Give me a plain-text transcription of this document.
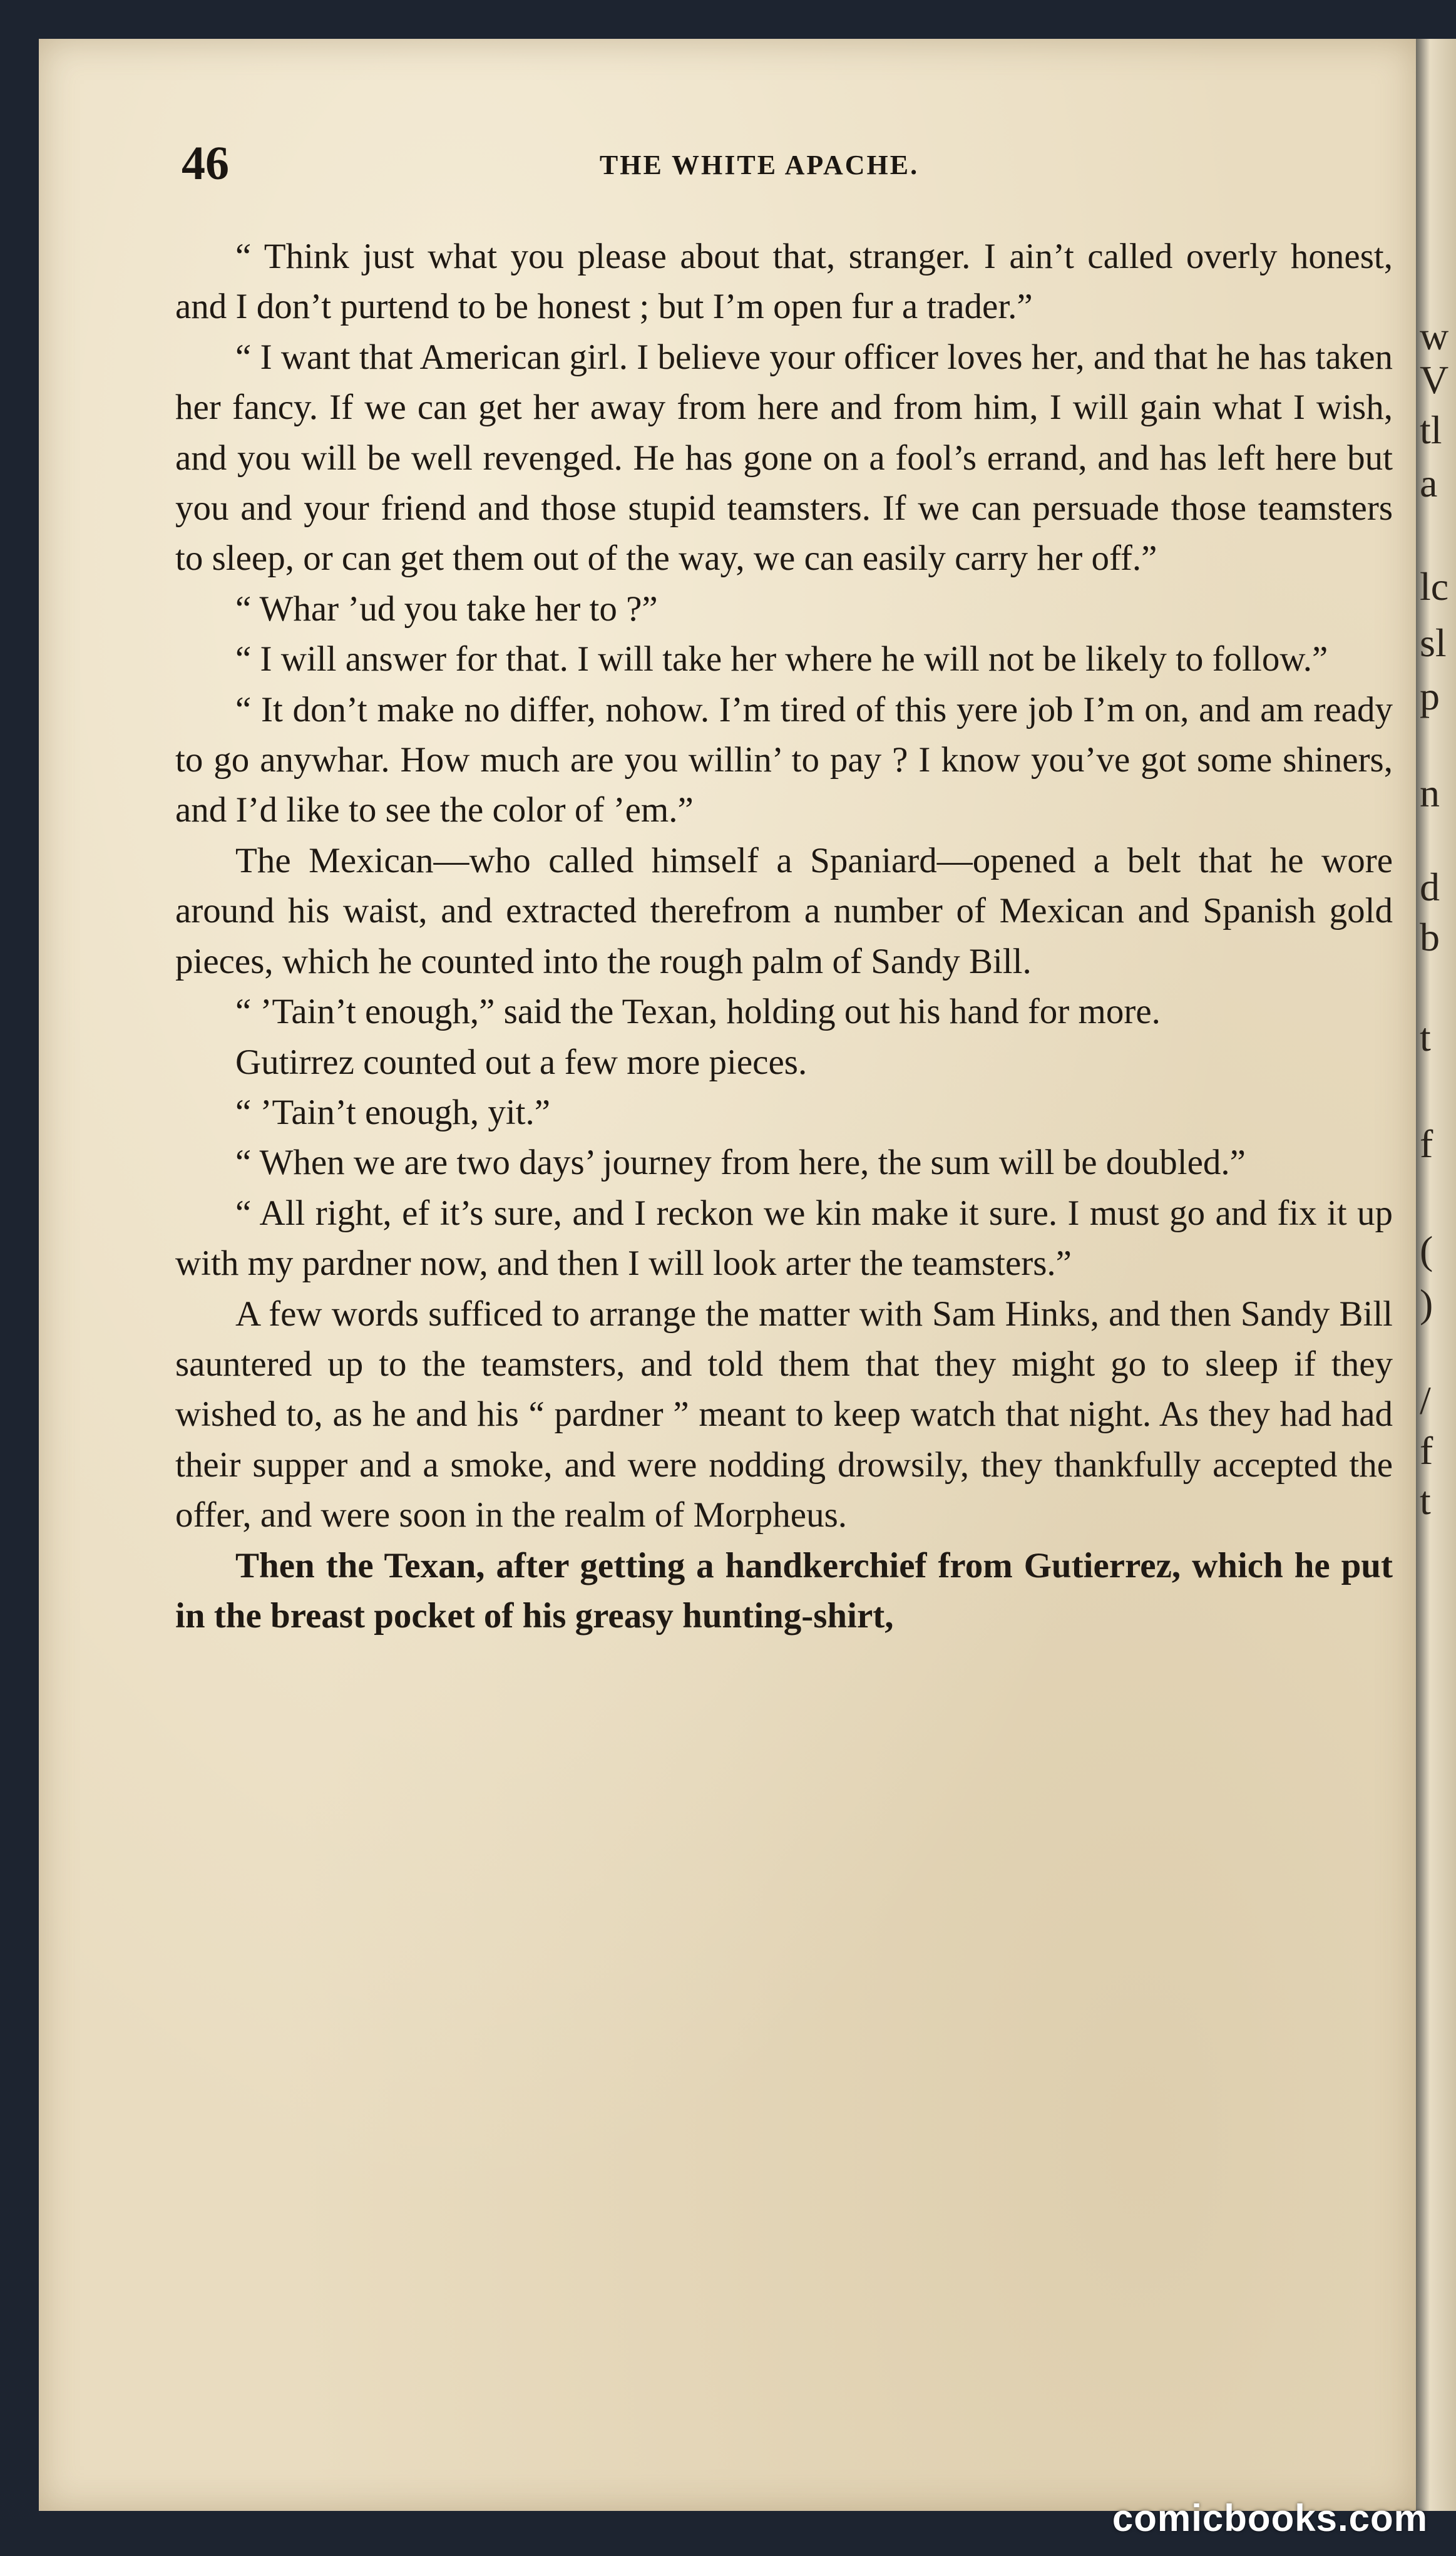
w
V
tl
a
lc
sl
p
n
d
b
t
f
(
)
/
f
t
46	THE WHITE APACHE.

“ Think just what you please about that, stranger. I ain’t called overly honest, and I don’t purtend to be honest ; but I’m open fur a trader.”

“ I want that American girl. I believe your officer loves her, and that he has taken her fancy. If we can get her away from here and from him, I will gain what I wish, and you will be well revenged. He has gone on a fool’s errand, and has left here but you and your friend and those stupid teamsters. If we can persuade those teamsters to sleep, or can get them out of the way, we can easily carry her off.”

“ Whar ’ud you take her to ?”

“ I will answer for that. I will take her where he will not be likely to follow.”

“ It don’t make no differ, nohow. I’m tired of this yere job I’m on, and am ready to go anywhar. How much are you willin’ to pay ? I know you’ve got some shiners, and I’d like to see the color of ’em.”

The Mexican—who called himself a Spaniard—opened a belt that he wore around his waist, and extracted therefrom a number of Mexican and Spanish gold pieces, which he counted into the rough palm of Sandy Bill.

“ ’Tain’t enough,” said the Texan, holding out his hand for more.

Gutirrez counted out a few more pieces.

“ ’Tain’t enough, yit.”

“ When we are two days’ journey from here, the sum will be doubled.”

“ All right, ef it’s sure, and I reckon we kin make it sure. I must go and fix it up with my pardner now, and then I will look arter the teamsters.”

A few words sufficed to arrange the matter with Sam Hinks, and then Sandy Bill sauntered up to the teamsters, and told them that they might go to sleep if they wished to, as he and his “ pardner ” meant to keep watch that night. As they had had their supper and a smoke, and were nodding drowsily, they thankfully accepted the offer, and were soon in the realm of Morpheus.

Then the Texan, after getting a handkerchief from Gutierrez, which he put in the breast pocket of his greasy hunting-shirt,

comicbooks.com
